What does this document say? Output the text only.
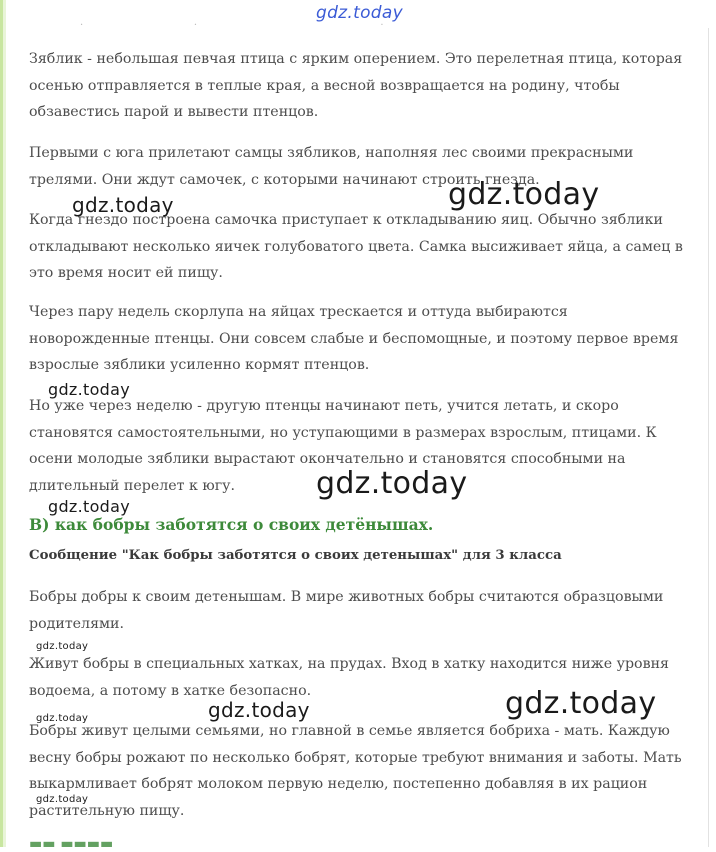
·                     ·                                   ·
gdz.today

Зяблик - небольшая певчая птица с ярким оперением. Это перелетная птица, которая осенью отправляется в теплые края, а весной возвращается на родину, чтобы обзавестись парой и вывести птенцов.

Первыми с юга прилетают самцы зябликов, наполняя лес своими прекрасными трелями. Они ждут самочек, с которыми начинают строить гнезда.

Когда гнездо построена самочка приступает к откладыванию яиц. Обычно зяблики откладывают несколько яичек голубоватого цвета. Самка высиживает яйца, а самец в это время носит ей пищу.

Через пару недель скорлупа на яйцах трескается и оттуда выбираются новорожденные птенцы. Они совсем слабые и беспомощные, и поэтому первое время взрослые зяблики усиленно кормят птенцов.

Но уже через неделю - другую птенцы начинают петь, учится летать, и скоро становятся самостоятельными, но уступающими в размерах взрослым, птицами. К осени молодые зяблики вырастают окончательно и становятся способными на длительный перелет к югу.

В) как бобры заботятся о своих детёнышах.
Сообщение "Как бобры заботятся о своих детенышах" для 3 класса

Бобры добры к своим детенышам. В мире животных бобры считаются образцовыми родителями.

Живут бобры в специальных хатках, на прудах. Вход в хатку находится ниже уровня водоема, а потому в хатке безопасно.

Бобры живут целыми семьями, но главной в семье является бобриха - мать. Каждую весну бобры рожают по несколько бобрят, которые требуют внимания и заботы. Мать выкармливает бобрят молоком первую неделю, постепенно добавляя в их рацион растительную пищу.

gdz.today
gdz.today
gdz.today
gdz.today
gdz.today
gdz.today
gdz.today
gdz.today
gdz.today
gdz.today
▬▬ ▬▬▬▬
